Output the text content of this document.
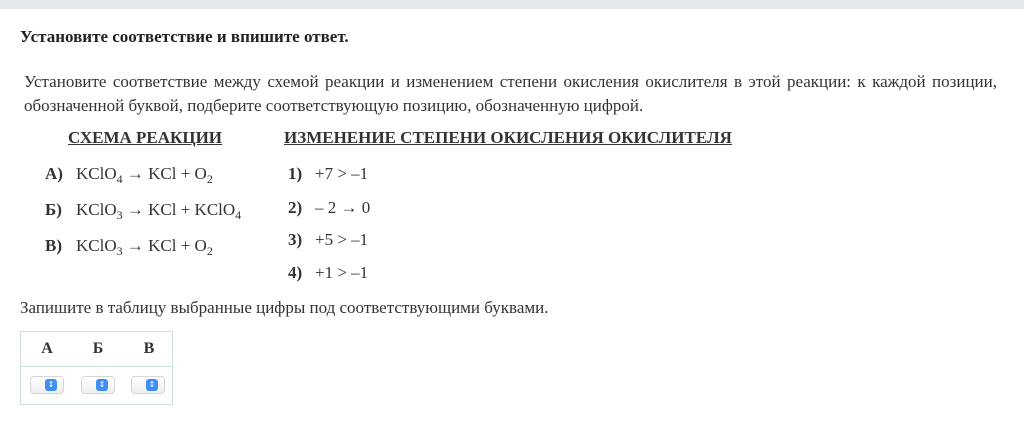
Установите соответствие и впишите ответ.
Установите соответствие между схемой реакции и изменением степени окисления окислителя в этой реакции: к каждой позиции, обозначенной буквой, подберите соответствующую позицию, обозначенную цифрой.
СХЕМА РЕАКЦИИ	ИЗМЕНЕНИЕ СТЕПЕНИ ОКИСЛЕНИЯ ОКИСЛИТЕЛЯ
А) KClO$_4$ → KCl + $O_2$
Б) KClO$_3$ → KCl + KClO$_4$
В) KClO$_3$ → KCl + $O_2$
1) +7 > –1
2) – 2 → 0
3) +5 > –1
4) +1 > –1
Запишите в таблицу выбранные цифры под соответствующими буквами.
А	Б	В
⇕	⇕	⇕
